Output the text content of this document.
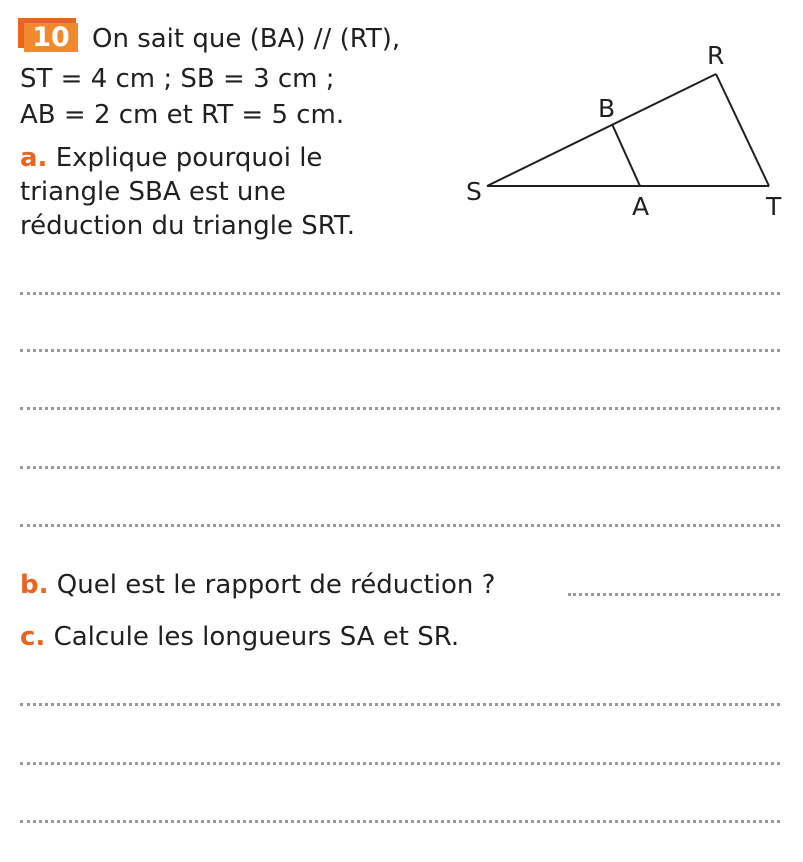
10 On sait que (BA) // (RT),
ST = 4 cm ; SB = 3 cm ;
AB = 2 cm et RT = 5 cm.
a. Explique pourquoi le
triangle SBA est une
réduction du triangle SRT.
b. Quel est le rapport de réduction ?
c. Calcule les longueurs SA et SR.
S
B
A
R
T
